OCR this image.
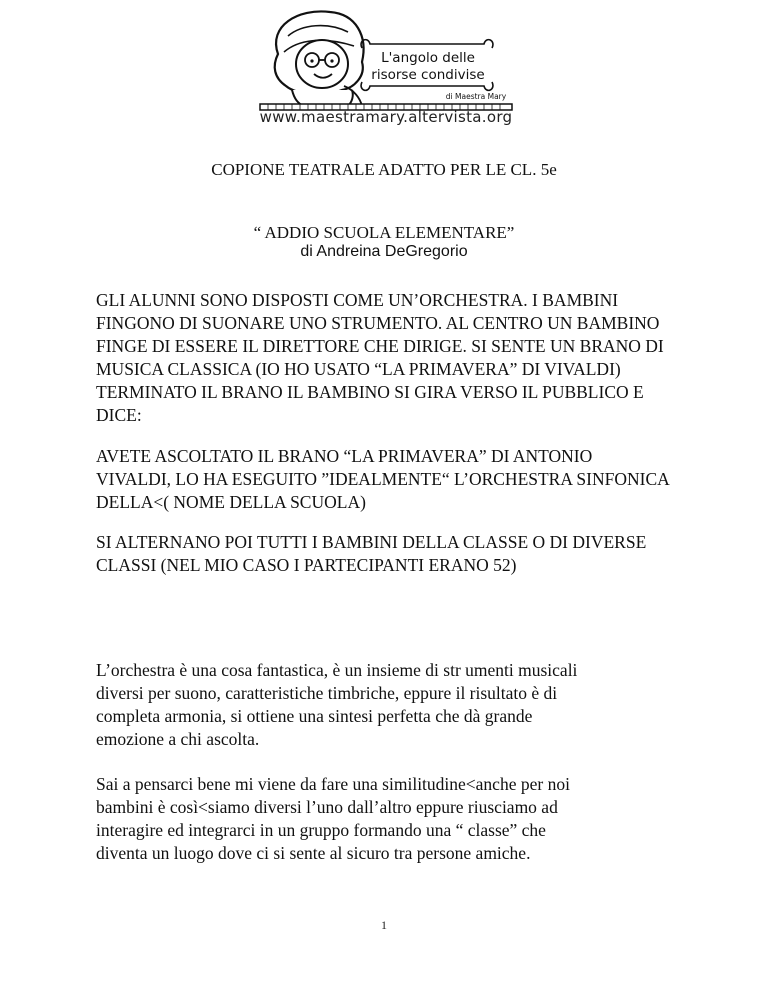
L'angolo delle
risorse condivise
di Maestra Mary
www.maestramary.altervista.org
COPIONE TEATRALE ADATTO PER LE CL. 5e
“ ADDIO SCUOLA ELEMENTARE”
di Andreina DeGregorio
GLI ALUNNI SONO DISPOSTI COME UN’ORCHESTRA. I BAMBINI
FINGONO DI SUONARE UNO STRUMENTO. AL CENTRO UN BAMBINO
FINGE DI ESSERE IL DIRETTORE CHE DIRIGE. SI SENTE UN BRANO DI
MUSICA CLASSICA (IO HO USATO “LA PRIMAVERA” DI VIVALDI)
TERMINATO IL BRANO IL BAMBINO SI GIRA VERSO IL PUBBLICO E
DICE:
AVETE ASCOLTATO IL BRANO “LA PRIMAVERA” DI ANTONIO
VIVALDI, LO HA ESEGUITO ”IDEALMENTE“ L’ORCHESTRA SINFONICA
DELLA<( NOME DELLA SCUOLA)
SI ALTERNANO POI TUTTI I BAMBINI DELLA CLASSE O DI DIVERSE
CLASSI (NEL MIO CASO I PARTECIPANTI ERANO 52)
L’orchestra è una cosa fantastica, è un insieme di str umenti musicali
diversi per suono, caratteristiche timbriche, eppure il risultato è di
completa armonia, si ottiene una sintesi perfetta che dà grande
emozione a chi ascolta.
Sai a pensarci bene mi viene da fare una similitudine<anche per noi
bambini è così<siamo diversi l’uno dall’altro eppure riusciamo ad
interagire ed integrarci in un gruppo formando una “ classe” che
diventa un luogo dove ci si sente al sicuro tra persone amiche.
1
